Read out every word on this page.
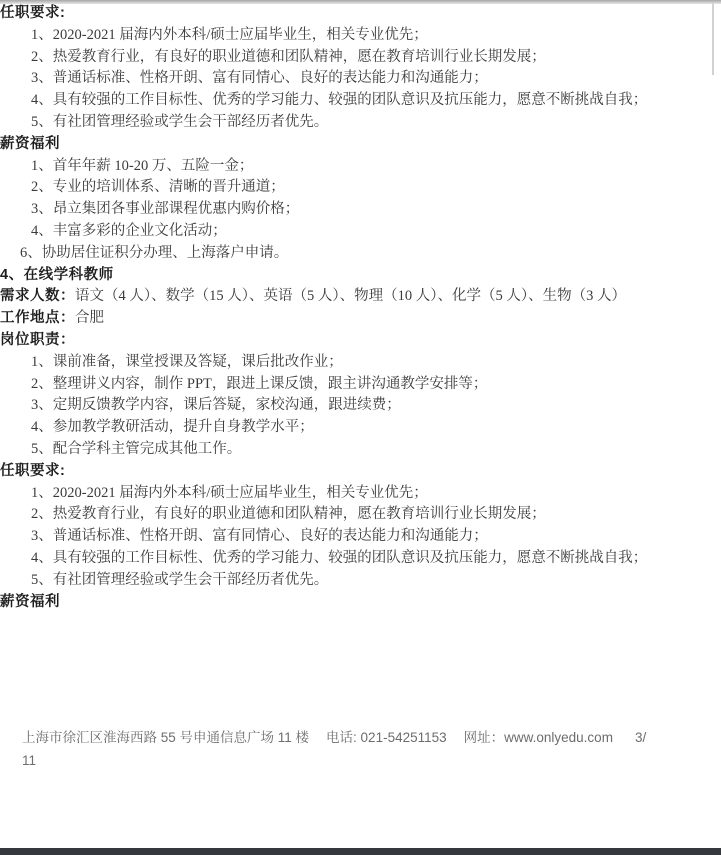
任职要求:

1、2020-2021 届海内外本科/硕士应届毕业生，相关专业优先；

2、热爱教育行业，有良好的职业道德和团队精神，愿在教育培训行业长期发展；

3、普通话标准、性格开朗、富有同情心、良好的表达能力和沟通能力；

4、具有较强的工作目标性、优秀的学习能力、较强的团队意识及抗压能力，愿意不断挑战自我；

5、有社团管理经验或学生会干部经历者优先。

薪资福利

1、首年年薪 10-20 万、五险一金；

2、专业的培训体系、清晰的晋升通道；

3、昂立集团各事业部课程优惠内购价格；

4、丰富多彩的企业文化活动；

6、协助居住证积分办理、上海落户申请。

4、在线学科教师

需求人数：语文（4 人）、数学（15 人）、英语（5 人）、物理（10 人）、化学（5 人）、生物（3 人）

工作地点：合肥

岗位职责：

1、课前准备，课堂授课及答疑，课后批改作业；

2、整理讲义内容，制作 PPT，跟进上课反馈，跟主讲沟通教学安排等；

3、定期反馈教学内容，课后答疑，家校沟通，跟进续费；

4、参加教学教研活动，提升自身教学水平；

5、配合学科主管完成其他工作。

任职要求:

1、2020-2021 届海内外本科/硕士应届毕业生，相关专业优先；

2、热爱教育行业，有良好的职业道德和团队精神，愿在教育培训行业长期发展；

3、普通话标准、性格开朗、富有同情心、良好的表达能力和沟通能力；

4、具有较强的工作目标性、优秀的学习能力、较强的团队意识及抗压能力，愿意不断挑战自我；

5、有社团管理经验或学生会干部经历者优先。

薪资福利

上海市徐汇区淮海西路 55 号申通信息广场 11 楼 电话: 021-54251153 网址：www.onlyedu.com 3/
11
